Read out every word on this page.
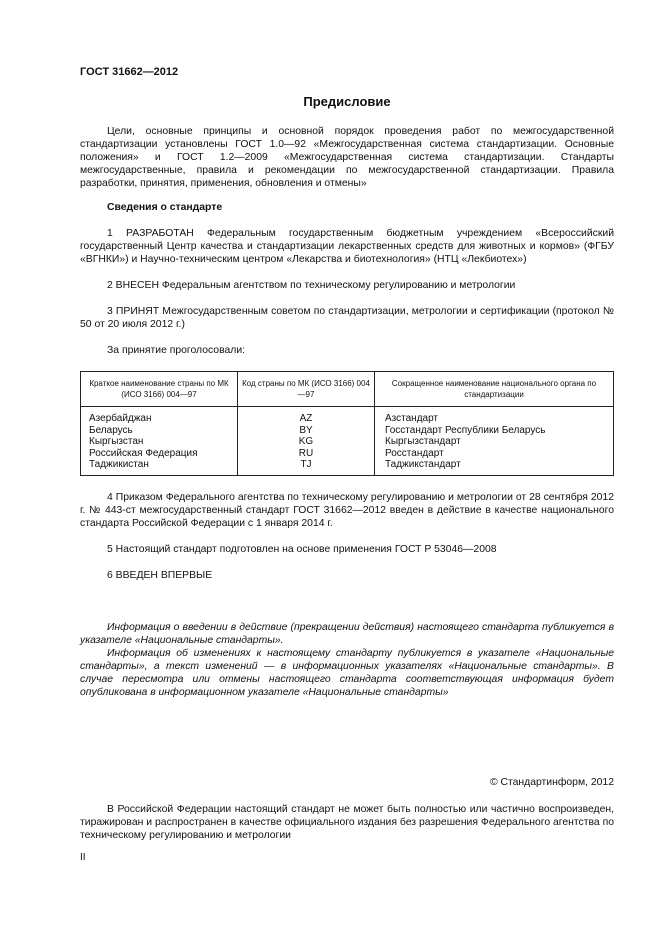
ГОСТ 31662—2012
Предисловие

Цели, основные принципы и основной порядок проведения работ по межгосударственной стандартизации установлены ГОСТ 1.0—92 «Межгосударственная система стандартизации. Основные положения» и ГОСТ 1.2—2009 «Межгосударственная система стандартизации. Стандарты межгосударственные, правила и рекомендации по межгосударственной стандартизации. Правила разработки, принятия, применения, обновления и отмены»

Сведения о стандарте

1 РАЗРАБОТАН Федеральным государственным бюджетным учреждением «Всероссийский государственный Центр качества и стандартизации лекарственных средств для животных и кормов» (ФГБУ «ВГНКИ») и Научно-техническим центром «Лекарства и биотехнология» (НТЦ «Лекбиотех»)

2 ВНЕСЕН Федеральным агентством по техническому регулированию и метрологии

3 ПРИНЯТ Межгосударственным советом по стандартизации, метрологии и сертификации (протокол № 50 от 20 июля 2012 г.)

За принятие проголосовали:

Краткое наименование страны по МК (ИСО 3166) 004—97	Код страны по МК (ИСО 3166) 004—97	Сокращенное наименование национального органа по стандартизации
Азербайджан	AZ	Азстандарт
Беларусь	BY	Госстандарт Республики Беларусь
Кыргызстан	KG	Кыргызстандарт
Российская Федерация	RU	Росстандарт
Таджикистан	TJ	Таджикстандарт

4 Приказом Федерального агентства по техническому регулированию и метрологии от 28 сентября 2012 г. № 443-ст межгосударственный стандарт ГОСТ 31662—2012 введен в действие в качестве национального стандарта Российской Федерации с 1 января 2014 г.

5 Настоящий стандарт подготовлен на основе применения ГОСТ Р 53046—2008

6 ВВЕДЕН ВПЕРВЫЕ

Информация о введении в действие (прекращении действия) настоящего стандарта публикуется в указателе «Национальные стандарты».

Информация об изменениях к настоящему стандарту публикуется в указателе «Национальные стандарты», а текст изменений — в информационных указателях «Национальные стандарты». В случае пересмотра или отмены настоящего стандарта соответствующая информация будет опубликована в информационном указателе «Национальные стандарты»

© Стандартинформ, 2012

В Российской Федерации настоящий стандарт не может быть полностью или частично воспроизведен, тиражирован и распространен в качестве официального издания без разрешения Федерального агентства по техническому регулированию и метрологии

II
